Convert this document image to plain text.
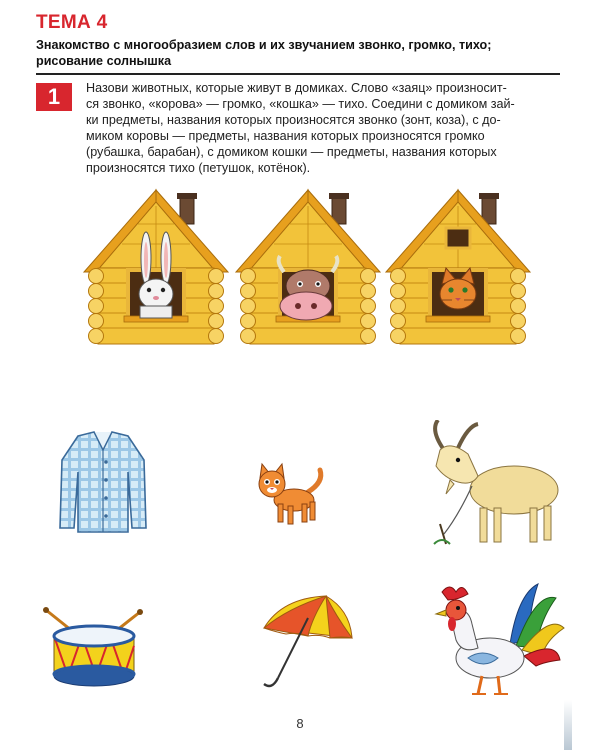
ТЕМА 4
Знакомство с многообразием слов и их звучанием звонко, громко, тихо;
рисование солнышка
1	Назови животных, которые живут в домиках. Слово «заяц» произносит-

ся звонко, «корова» — громко, «кошка» — тихо. Соедини с домиком зай-

ки предметы, названия которых произносятся звонко (зонт, коза), с до-

миком коровы — предметы, названия которых произносятся громко

(рубашка, барабан), с домиком кошки — предметы, названия которых

произносятся тихо (петушок, котёнок).

8
